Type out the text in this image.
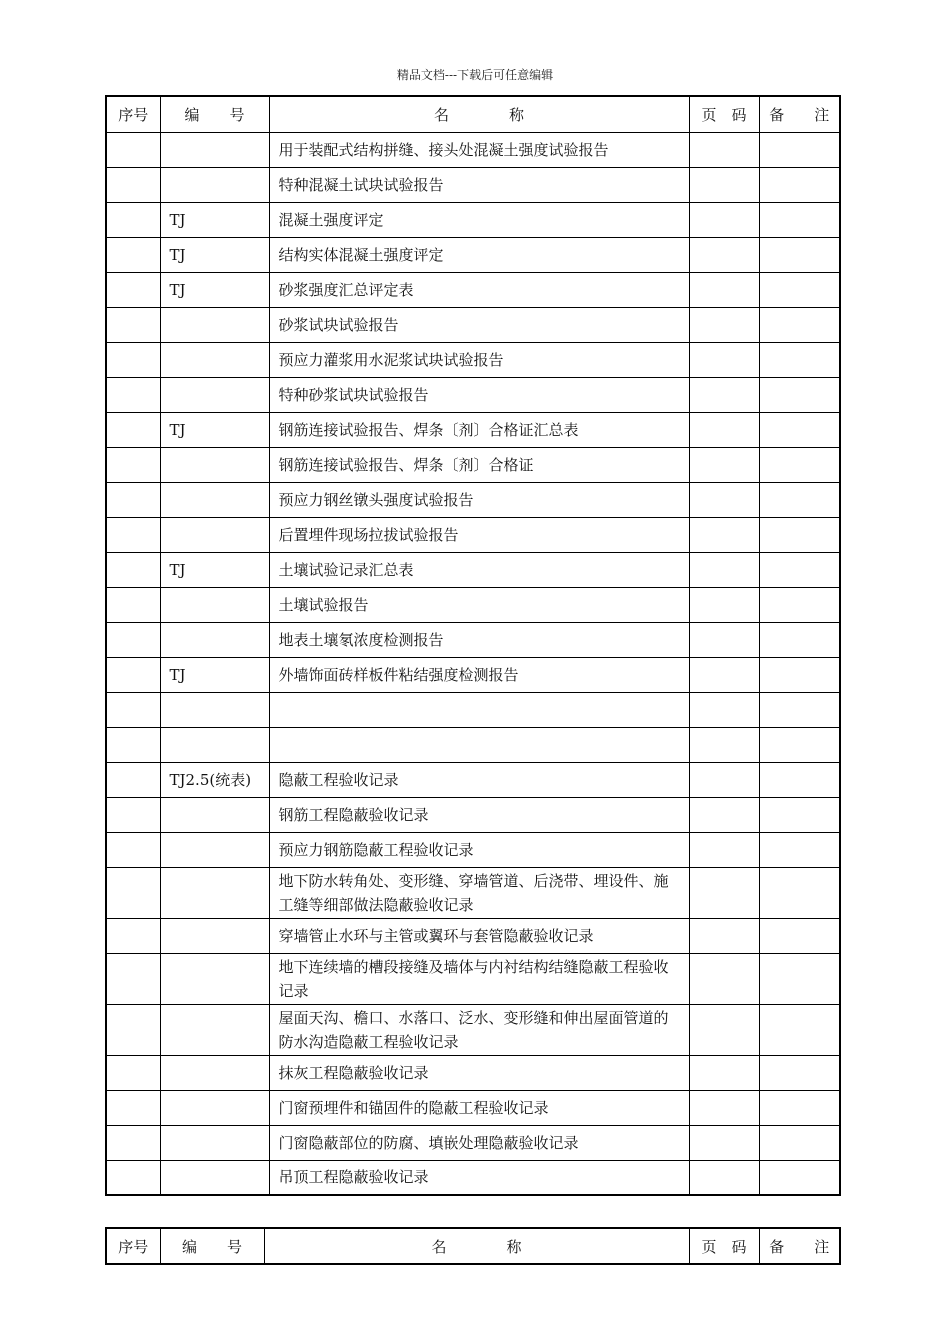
精品文档---下载后可任意编辑
序号	编　　号	名　　　　称	页　码	备　　注
		用于装配式结构拼缝、接头处混凝土强度试验报告		
		特种混凝土试块试验报告		
	TJ	混凝土强度评定		
	TJ	结构实体混凝土强度评定		
	TJ	砂浆强度汇总评定表		
		砂浆试块试验报告		
		预应力灌浆用水泥浆试块试验报告		
		特种砂浆试块试验报告		
	TJ	钢筋连接试验报告、焊条〔剂〕合格证汇总表		
		钢筋连接试验报告、焊条〔剂〕合格证		
		预应力钢丝镦头强度试验报告		
		后置埋件现场拉拔试验报告		
	TJ	土壤试验记录汇总表		
		土壤试验报告		
		地表土壤氡浓度检测报告		
	TJ	外墙饰面砖样板件粘结强度检测报告		

	TJ2.5(统表)	隐蔽工程验收记录		
		钢筋工程隐蔽验收记录		
		预应力钢筋隐蔽工程验收记录		
		地下防水转角处、变形缝、穿墙管道、后浇带、埋设件、施工缝等细部做法隐蔽验收记录		
		穿墙管止水环与主管或翼环与套管隐蔽验收记录		
		地下连续墙的槽段接缝及墙体与内衬结构结缝隐蔽工程验收记录		
		屋面天沟、檐口、水落口、泛水、变形缝和伸出屋面管道的防水沟造隐蔽工程验收记录		
		抹灰工程隐蔽验收记录		
		门窗预埋件和锚固件的隐蔽工程验收记录		
		门窗隐蔽部位的防腐、填嵌处理隐蔽验收记录		
		吊顶工程隐蔽验收记录		
序号	编　　号	名　　　　称	页　码	备　　注
